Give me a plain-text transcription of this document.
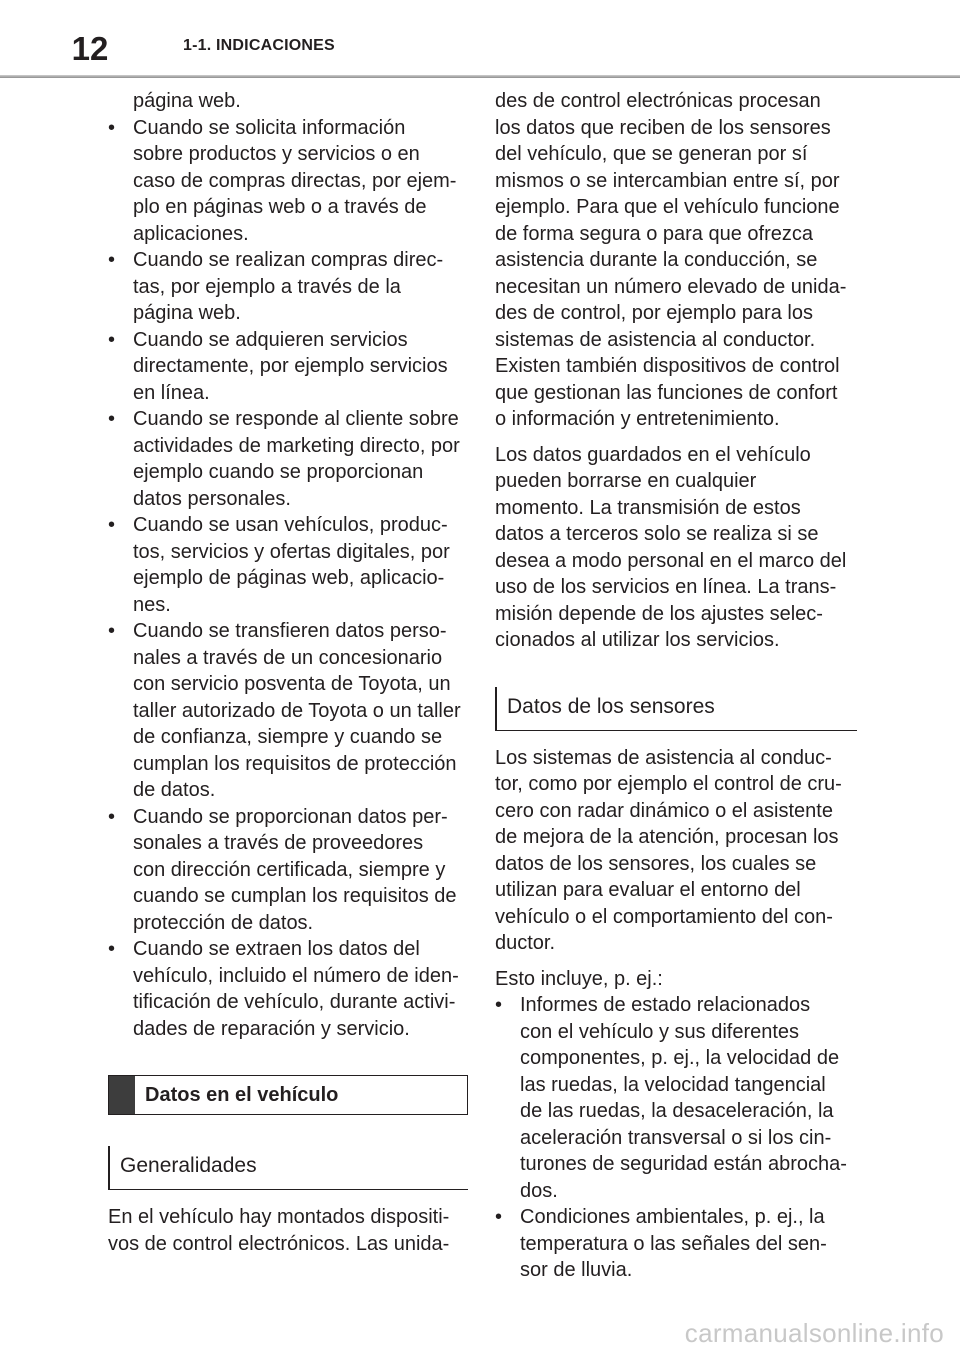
12	1-1. INDICACIONES
página web.
• Cuando se solicita información
sobre productos y servicios o en
caso de compras directas, por ejem-
plo en páginas web o a través de
aplicaciones.
• Cuando se realizan compras direc-
tas, por ejemplo a través de la
página web.
• Cuando se adquieren servicios
directamente, por ejemplo servicios
en línea.
• Cuando se responde al cliente sobre
actividades de marketing directo, por
ejemplo cuando se proporcionan
datos personales.
• Cuando se usan vehículos, produc-
tos, servicios y ofertas digitales, por
ejemplo de páginas web, aplicacio-
nes.
• Cuando se transfieren datos perso-
nales a través de un concesionario
con servicio posventa de Toyota, un
taller autorizado de Toyota o un taller
de confianza, siempre y cuando se
cumplan los requisitos de protección
de datos.
• Cuando se proporcionan datos per-
sonales a través de proveedores
con dirección certificada, siempre y
cuando se cumplan los requisitos de
protección de datos.
• Cuando se extraen los datos del
vehículo, incluido el número de iden-
tificación de vehículo, durante activi-
dades de reparación y servicio.
Datos en el vehículo
Generalidades
En el vehículo hay montados dispositi-
vos de control electrónicos. Las unida-
des de control electrónicas procesan
los datos que reciben de los sensores
del vehículo, que se generan por sí
mismos o se intercambian entre sí, por
ejemplo. Para que el vehículo funcione
de forma segura o para que ofrezca
asistencia durante la conducción, se
necesitan un número elevado de unida-
des de control, por ejemplo para los
sistemas de asistencia al conductor.
Existen también dispositivos de control
que gestionan las funciones de confort
o información y entretenimiento.
Los datos guardados en el vehículo
pueden borrarse en cualquier
momento. La transmisión de estos
datos a terceros solo se realiza si se
desea a modo personal en el marco del
uso de los servicios en línea. La trans-
misión depende de los ajustes selec-
cionados al utilizar los servicios.
Datos de los sensores
Los sistemas de asistencia al conduc-
tor, como por ejemplo el control de cru-
cero con radar dinámico o el asistente
de mejora de la atención, procesan los
datos de los sensores, los cuales se
utilizan para evaluar el entorno del
vehículo o el comportamiento del con-
ductor.
Esto incluye, p. ej.:
• Informes de estado relacionados
con el vehículo y sus diferentes
componentes, p. ej., la velocidad de
las ruedas, la velocidad tangencial
de las ruedas, la desaceleración, la
aceleración transversal o si los cin-
turones de seguridad están abrocha-
dos.
• Condiciones ambientales, p. ej., la
temperatura o las señales del sen-
sor de lluvia.
carmanualsonline.info
